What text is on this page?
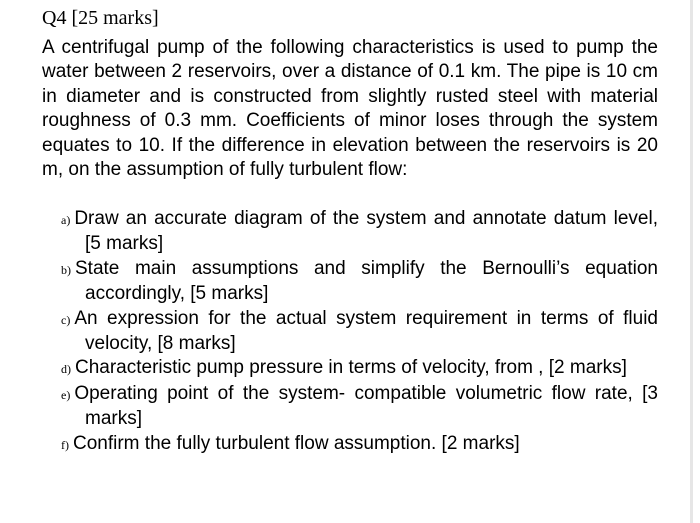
Q4 [25 marks]

A centrifugal pump of the following characteristics is used to pump the water between 2 reservoirs, over a distance of 0.1 km. The pipe is 10 cm in diameter and is constructed from slightly rusted steel with material roughness of 0.3 mm. Coefficients of minor loses through the system equates to 10. If the difference in elevation between the reservoirs is 20 m, on the assumption of fully turbulent flow:

a) Draw an accurate diagram of the system and annotate datum level, [5 marks]
b) State main assumptions and simplify the Bernoulli’s equation accordingly, [5 marks]
c) An expression for the actual system requirement in terms of fluid velocity, [8 marks]
d) Characteristic pump pressure in terms of velocity, from , [2 marks]
e) Operating point of the system- compatible volumetric flow rate, [3 marks]
f) Confirm the fully turbulent flow assumption. [2 marks]
